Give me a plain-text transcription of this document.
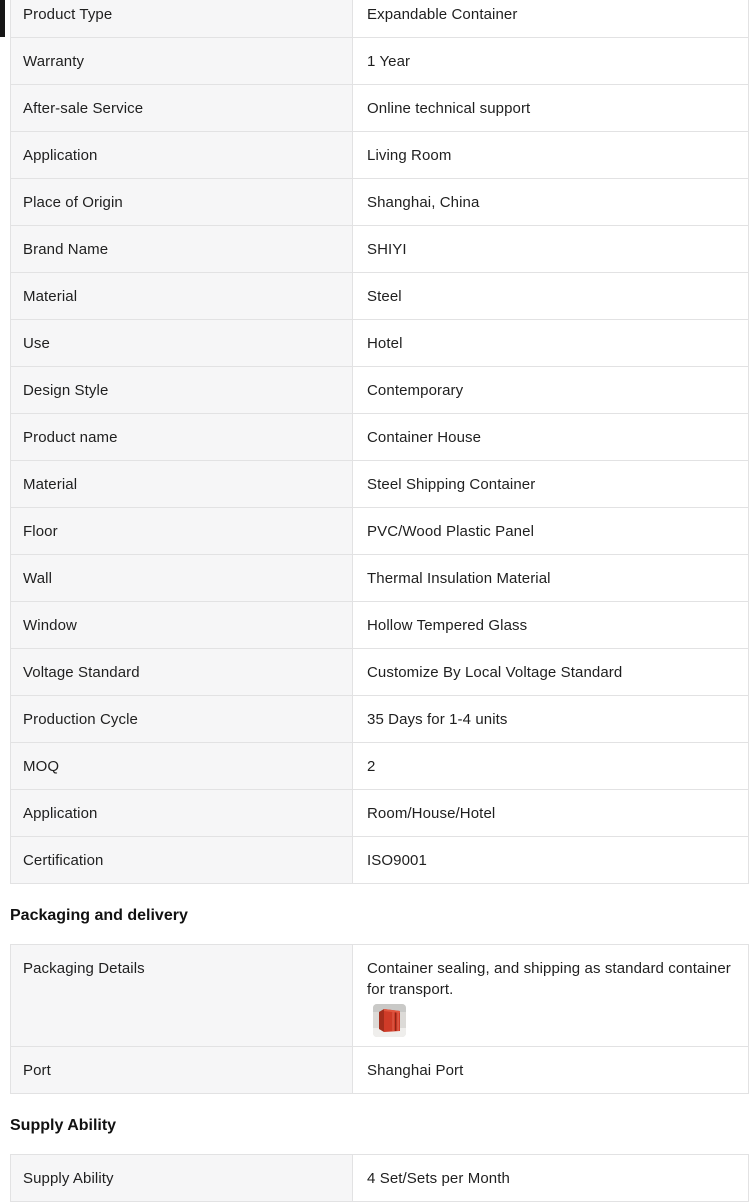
Product Type	Expandable Container
Warranty	1 Year
After-sale Service	Online technical support
Application	Living Room
Place of Origin	Shanghai, China
Brand Name	SHIYI
Material	Steel
Use	Hotel
Design Style	Contemporary
Product name	Container House
Material	Steel Shipping Container
Floor	PVC/Wood Plastic Panel
Wall	Thermal Insulation Material
Window	Hollow Tempered Glass
Voltage Standard	Customize By Local Voltage Standard
Production Cycle	35 Days for 1-4 units
MOQ	2
Application	Room/House/Hotel
Certification	ISO9001
Packaging and delivery
Packaging Details	Container sealing, and shipping as standard container for transport.

Port	Shanghai Port
Supply Ability
Supply Ability	4 Set/Sets per Month
